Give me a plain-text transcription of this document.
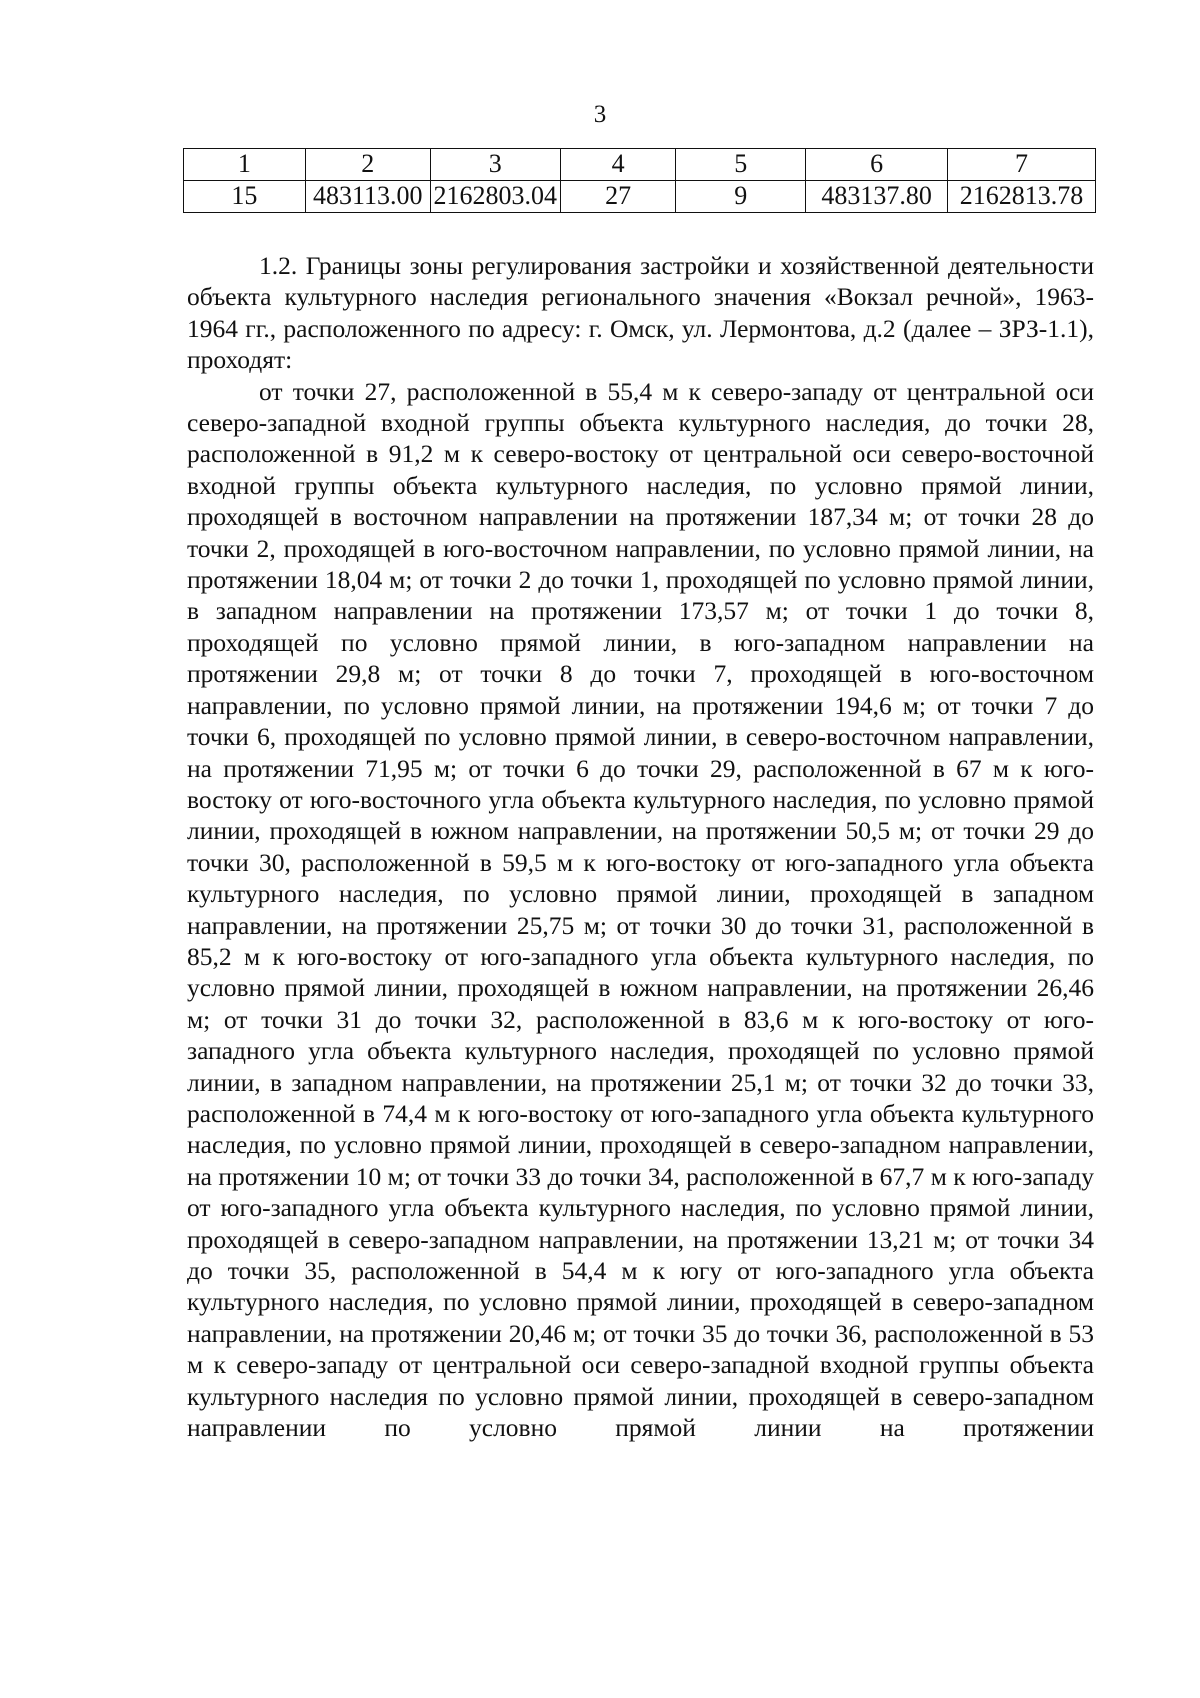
3
1	2	3	4	5	6	7
15	483113.00	2162803.04	27	9	483137.80	2162813.78

1.2. Границы зоны регулирования застройки и хозяйственной деятельности объекта культурного наследия регионального значения «Вокзал речной», 1963-1964 гг., расположенного по адресу: г. Омск, ул. Лермонтова, д.2 (далее – ЗРЗ-1.1), проходят:

от точки 27, расположенной в 55,4 м к северо-западу от центральной оси северо-западной входной группы объекта культурного наследия, до точки 28, расположенной в 91,2 м к северо-востоку от центральной оси северо-восточной входной группы объекта культурного наследия, по условно прямой линии, проходящей в восточном направлении на протяжении 187,34 м; от точки 28 до точки 2, проходящей в юго-восточном направлении, по условно прямой линии, на протяжении 18,04 м; от точки 2 до точки 1, проходящей по условно прямой линии, в западном направлении на протяжении 173,57 м; от точки 1 до точки 8, проходящей по условно прямой линии, в юго-западном направлении на протяжении 29,8 м; от точки 8 до точки 7, проходящей в юго-восточном направлении, по условно прямой линии, на протяжении 194,6 м; от точки 7 до точки 6, проходящей по условно прямой линии, в северо-восточном направлении, на протяжении 71,95 м; от точки 6 до точки 29, расположенной в 67 м к юго-востоку от юго-восточного угла объекта культурного наследия, по условно прямой линии, проходящей в южном направлении, на протяжении 50,5 м; от точки 29 до точки 30, расположенной в 59,5 м к юго-востоку от юго-западного угла объекта культурного наследия, по условно прямой линии, проходящей в западном направлении, на протяжении 25,75 м; от точки 30 до точки 31, расположенной в 85,2 м к юго-востоку от юго-западного угла объекта культурного наследия, по условно прямой линии, проходящей в южном направлении, на протяжении 26,46 м; от точки 31 до точки 32, расположенной в 83,6 м к юго-востоку от юго-западного угла объекта культурного наследия, проходящей по условно прямой линии, в западном направлении, на протяжении 25,1 м; от точки 32 до точки 33, расположенной в 74,4 м к юго-востоку от юго-западного угла объекта культурного наследия, по условно прямой линии, проходящей в северо-западном направлении, на протяжении 10 м; от точки 33 до точки 34, расположенной в 67,7 м к юго-западу от юго-западного угла объекта культурного наследия, по условно прямой линии, проходящей в северо-западном направлении, на протяжении 13,21 м; от точки 34 до точки 35, расположенной в 54,4 м к югу от юго-западного угла объекта культурного наследия, по условно прямой линии, проходящей в северо-западном направлении, на протяжении 20,46 м; от точки 35 до точки 36, расположенной в 53 м к северо-западу от центральной оси северо-западной входной группы объекта культурного наследия по условно прямой линии, проходящей в северо-западном направлении по условно прямой линии на протяжении
